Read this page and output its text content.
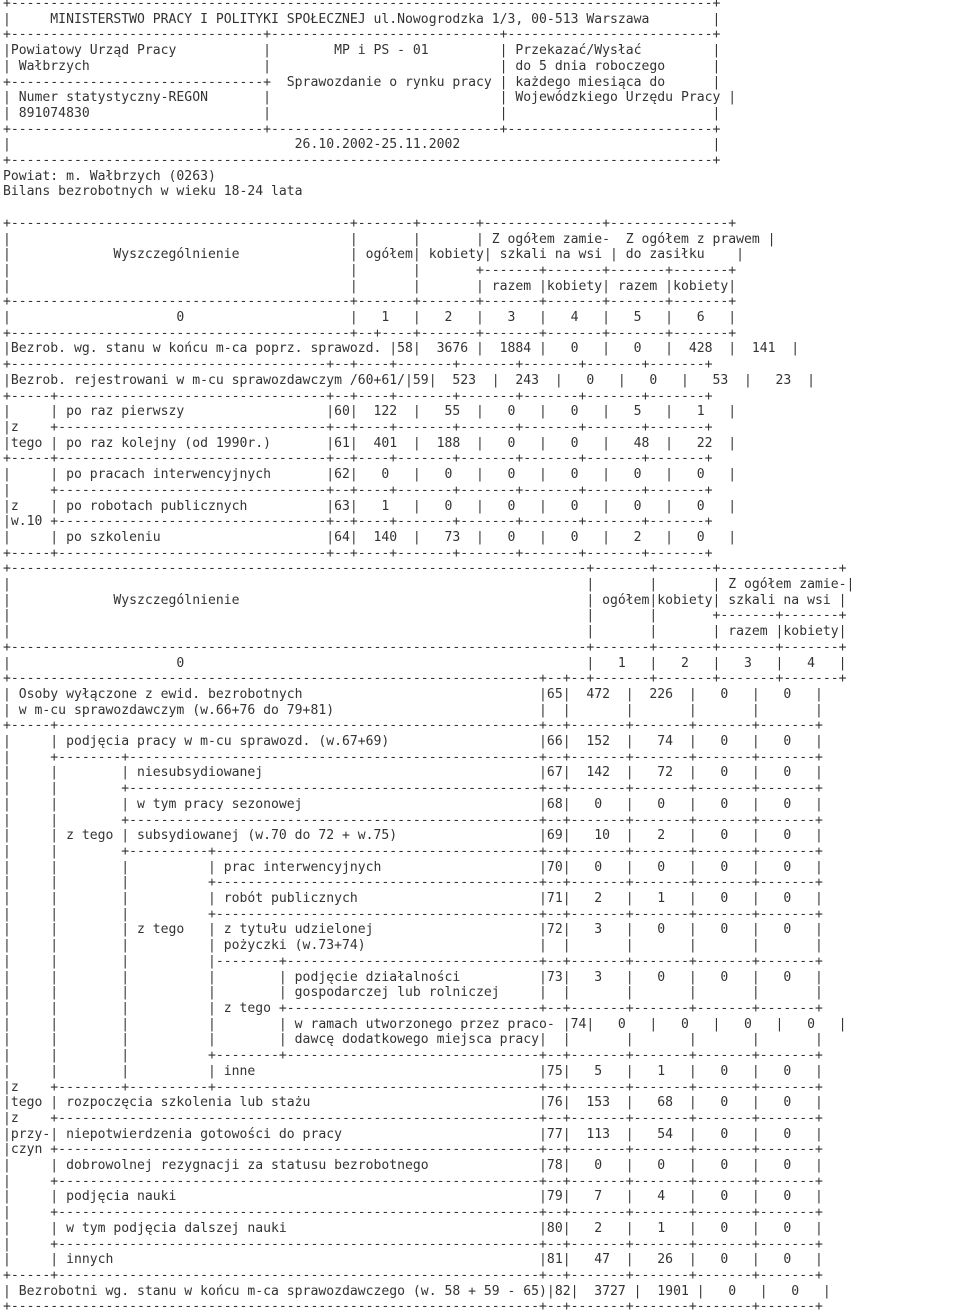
+-----------------------------------------------------------------------------------------+
|     MINISTERSTWO PRACY I POLITYKI SPOŁECZNEJ ul.Nowogrodzka 1/3, 00-513 Warszawa        |
+--------------------------------+-----------------------------+--------------------------+
|Powiatowy Urząd Pracy           |        MP i PS - 01         | Przekazać/Wysłać         |
| Wałbrzych                      |                             | do 5 dnia roboczego      |
+--------------------------------+  Sprawozdanie o rynku pracy | każdego miesiąca do      |
| Numer statystyczny-REGON       |                             | Wojewódzkiego Urzędu Pracy |
| 891074830                      |                             |                          |
+--------------------------------+-----------------------------+--------------------------+
|                                    26.10.2002-25.11.2002                                |
+-----------------------------------------------------------------------------------------+
Powiat: m. Wałbrzych (0263)
Bilans bezrobotnych w wieku 18-24 lata

+-------------------------------------------+-------+-------+---------------+---------------+
|                                           |       |       | Z ogółem zamie-  Z ogółem z prawem |
|             Wyszczególnienie              | ogółem| kobiety| szkali na wsi | do zasiłku    |
|                                           |       |       +-------+-------+-------+-------+
|                                           |       |       | razem |kobiety| razem |kobiety|
+-------------------------------------------+-------+-------+-------+-------+-------+-------+
|                     0                     |   1   |   2   |   3   |   4   |   5   |   6   |
+-------------------------------------------+--+----+-------+-------+-------+-------+-------+
|Bezrob. wg. stanu w końcu m-ca poprz. sprawozd. |58|  3676 |  1884 |   0   |   0   |  428  |  141  |
+----------------------------------------+--+----+-------+-------+-------+-------+-------+
|Bezrob. rejestrowani w m-cu sprawozdawczym /60+61/|59|  523  |  243  |   0   |   0   |   53  |   23  |
+-----+----------------------------------+--+----+-------+-------+-------+-------+-------+
|     | po raz pierwszy                  |60|  122  |   55  |   0   |   0   |   5   |   1   |
|z    +----------------------------------+--+----+-------+-------+-------+-------+-------+
|tego | po raz kolejny (od 1990r.)       |61|  401  |  188  |   0   |   0   |   48  |   22  |
+-----+----------------------------------+--+----+-------+-------+-------+-------+-------+
|     | po pracach interwencyjnych       |62|   0   |   0   |   0   |   0   |   0   |   0   |
|     +----------------------------------+--+----+-------+-------+-------+-------+-------+
|z    | po robotach publicznych          |63|   1   |   0   |   0   |   0   |   0   |   0   |
|w.10 +----------------------------------+--+----+-------+-------+-------+-------+-------+
|     | po szkoleniu                     |64|  140  |   73  |   0   |   0   |   2   |   0   |
+-----+----------------------------------+--+----+-------+-------+-------+-------+-------+
+-------------------------------------------------------------------------+-------+-------+---------------+
|                                                                         |       |       | Z ogółem zamie-|
|             Wyszczególnienie                                            | ogółem|kobiety| szkali na wsi |
|                                                                         |       |       +-------+-------+
|                                                                         |       |       | razem |kobiety|
+-------------------------------------------------------------------------+-------+-------+-------+-------+
|                     0                                                   |   1   |   2   |   3   |   4   |
+-------------------------------------------------------------------+--+--+-------+-------+-------+-------+
| Osoby wyłączone z ewid. bezrobotnych                              |65|  472  |  226  |   0   |   0   |
| w m-cu sprawozdawczym (w.66+76 do 79+81)                          |  |       |       |       |       |
+-----+-------------------------------------------------------------+--+-------+-------+-------+-------+
|     | podjęcia pracy w m-cu sprawozd. (w.67+69)                   |66|  152  |   74  |   0   |   0   |
|     +--------+----------------------------------------------------+--+-------+-------+-------+-------+
|     |        | niesubsydiowanej                                   |67|  142  |   72  |   0   |   0   |
|     |        +----------------------------------------------------+--+-------+-------+-------+-------+
|     |        | w tym pracy sezonowej                              |68|   0   |   0   |   0   |   0   |
|     |        +----------------------------------------------------+--+-------+-------+-------+-------+
|     | z tego | subsydiowanej (w.70 do 72 + w.75)                  |69|   10  |   2   |   0   |   0   |
|     |        +----------+-----------------------------------------+--+-------+-------+-------+-------+
|     |        |          | prac interwencyjnych                    |70|   0   |   0   |   0   |   0   |
|     |        |          +-----------------------------------------+--+-------+-------+-------+-------+
|     |        |          | robót publicznych                       |71|   2   |   1   |   0   |   0   |
|     |        |          +-----------------------------------------+--+-------+-------+-------+-------+
|     |        | z tego   | z tytułu udzielonej                     |72|   3   |   0   |   0   |   0   |
|     |        |          | pożyczki (w.73+74)                      |  |       |       |       |       |
|     |        |          |--------+--------------------------------+--+-------+-------+-------+-------+
|     |        |          |        | podjęcie działalności          |73|   3   |   0   |   0   |   0   |
|     |        |          |        | gospodarczej lub rolniczej     |  |       |       |       |       |
|     |        |          | z tego +--------------------------------+--+-------+-------+-------+-------+
|     |        |          |        | w ramach utworzonego przez praco- |74|   0   |   0   |   0   |   0   |
|     |        |          |        | dawcę dodatkowego miejsca pracy|  |       |       |       |       |
|     |        |          +--------+--------------------------------+--+-------+-------+-------+-------+
|     |        |          | inne                                    |75|   5   |   1   |   0   |   0   |
|z    +--------+----------+-----------------------------------------+--+-------+-------+-------+-------+
|tego | rozpoczęcia szkolenia lub stażu                             |76|  153  |   68  |   0   |   0   |
|z    +-------------------------------------------------------------+--+-------+-------+-------+-------+
|przy-| niepotwierdzenia gotowości do pracy                         |77|  113  |   54  |   0   |   0   |
|czyn +-------------------------------------------------------------+--+-------+-------+-------+-------+
|     | dobrowolnej rezygnacji za statusu bezrobotnego              |78|   0   |   0   |   0   |   0   |
|     +-------------------------------------------------------------+--+-------+-------+-------+-------+
|     | podjęcia nauki                                              |79|   7   |   4   |   0   |   0   |
|     +-------------------------------------------------------------+--+-------+-------+-------+-------+
|     | w tym podjęcia dalszej nauki                                |80|   2   |   1   |   0   |   0   |
|     +-------------------------------------------------------------+--+-------+-------+-------+-------+
|     | innych                                                      |81|   47  |   26  |   0   |   0   |
+-----+-------------------------------------------------------------+--+-------+-------+-------+-------+
| Bezrobotni wg. stanu w końcu m-ca sprawozdawczego (w. 58 + 59 - 65)|82|  3727 |  1901 |   0   |   0   |
+-------------------------------------------------------------------+--+-------+-------+-------+-------+
